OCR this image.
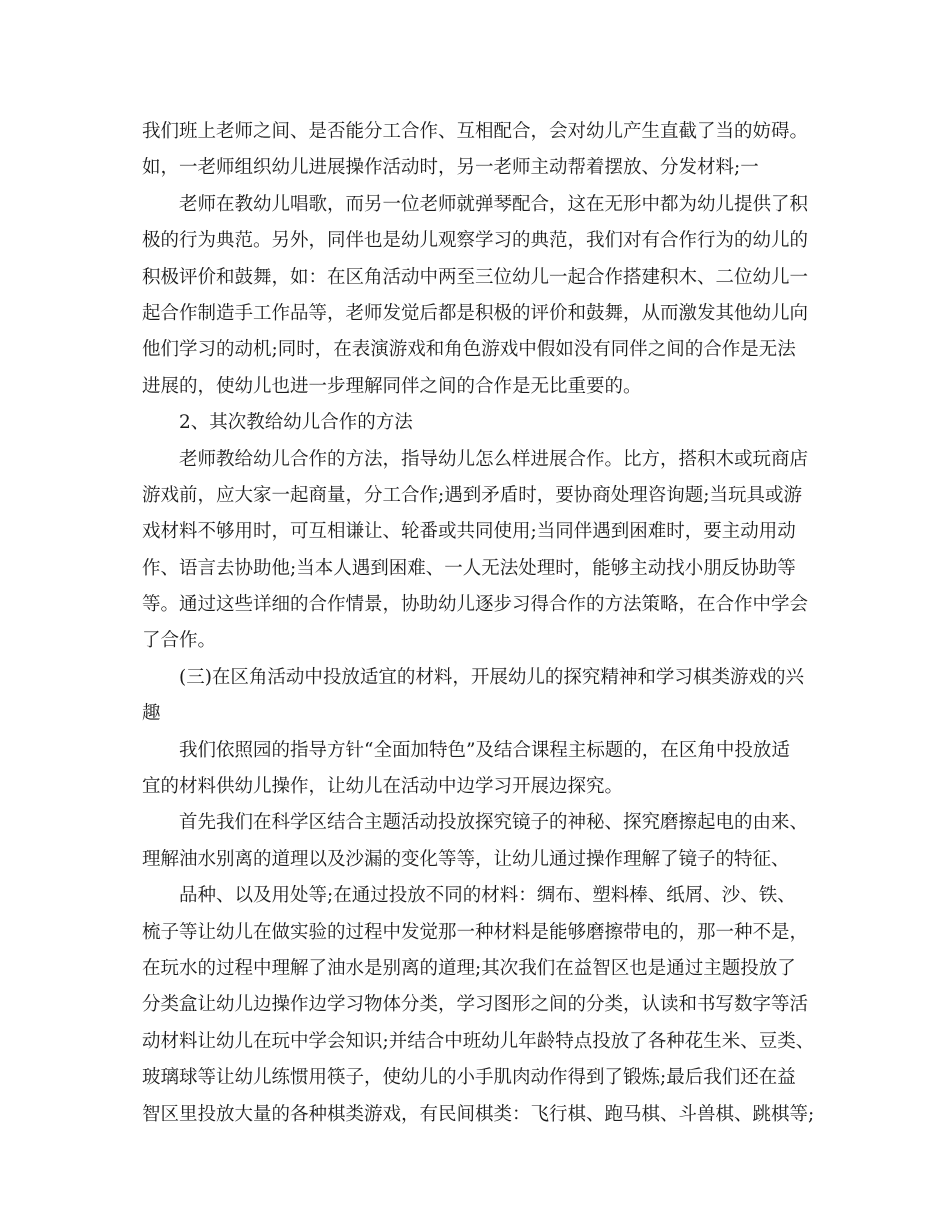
我们班上老师之间、是否能分工合作、互相配合，会对幼儿产生直截了当的妨碍。
如，一老师组织幼儿进展操作活动时，另一老师主动帮着摆放、分发材料;一
老师在教幼儿唱歌，而另一位老师就弹琴配合，这在无形中都为幼儿提供了积
极的行为典范。另外，同伴也是幼儿观察学习的典范，我们对有合作行为的幼儿的
积极评价和鼓舞，如：在区角活动中两至三位幼儿一起合作搭建积木、二位幼儿一
起合作制造手工作品等，老师发觉后都是积极的评价和鼓舞，从而激发其他幼儿向
他们学习的动机;同时，在表演游戏和角色游戏中假如没有同伴之间的合作是无法
进展的，使幼儿也进一步理解同伴之间的合作是无比重要的。
2、其次教给幼儿合作的方法
老师教给幼儿合作的方法，指导幼儿怎么样进展合作。比方，搭积木或玩商店
游戏前，应大家一起商量，分工合作;遇到矛盾时，要协商处理咨询题;当玩具或游
戏材料不够用时，可互相谦让、轮番或共同使用;当同伴遇到困难时，要主动用动
作、语言去协助他;当本人遇到困难、一人无法处理时，能够主动找小朋反协助等
等。通过这些详细的合作情景，协助幼儿逐步习得合作的方法策略，在合作中学会
了合作。
(三)在区角活动中投放适宜的材料，开展幼儿的探究精神和学习棋类游戏的兴
趣
我们依照园的指导方针“全面加特色”及结合课程主标题的，在区角中投放适
宜的材料供幼儿操作，让幼儿在活动中边学习开展边探究。
首先我们在科学区结合主题活动投放探究镜子的神秘、探究磨擦起电的由来、
理解油水别离的道理以及沙漏的变化等等，让幼儿通过操作理解了镜子的特征、
品种、以及用处等;在通过投放不同的材料：绸布、塑料棒、纸屑、沙、铁、
梳子等让幼儿在做实验的过程中发觉那一种材料是能够磨擦带电的，那一种不是，
在玩水的过程中理解了油水是别离的道理;其次我们在益智区也是通过主题投放了
分类盒让幼儿边操作边学习物体分类，学习图形之间的分类，认读和书写数字等活
动材料让幼儿在玩中学会知识;并结合中班幼儿年龄特点投放了各种花生米、豆类、
玻璃球等让幼儿练惯用筷子，使幼儿的小手肌肉动作得到了锻炼;最后我们还在益
智区里投放大量的各种棋类游戏，有民间棋类：飞行棋、跑马棋、斗兽棋、跳棋等;
